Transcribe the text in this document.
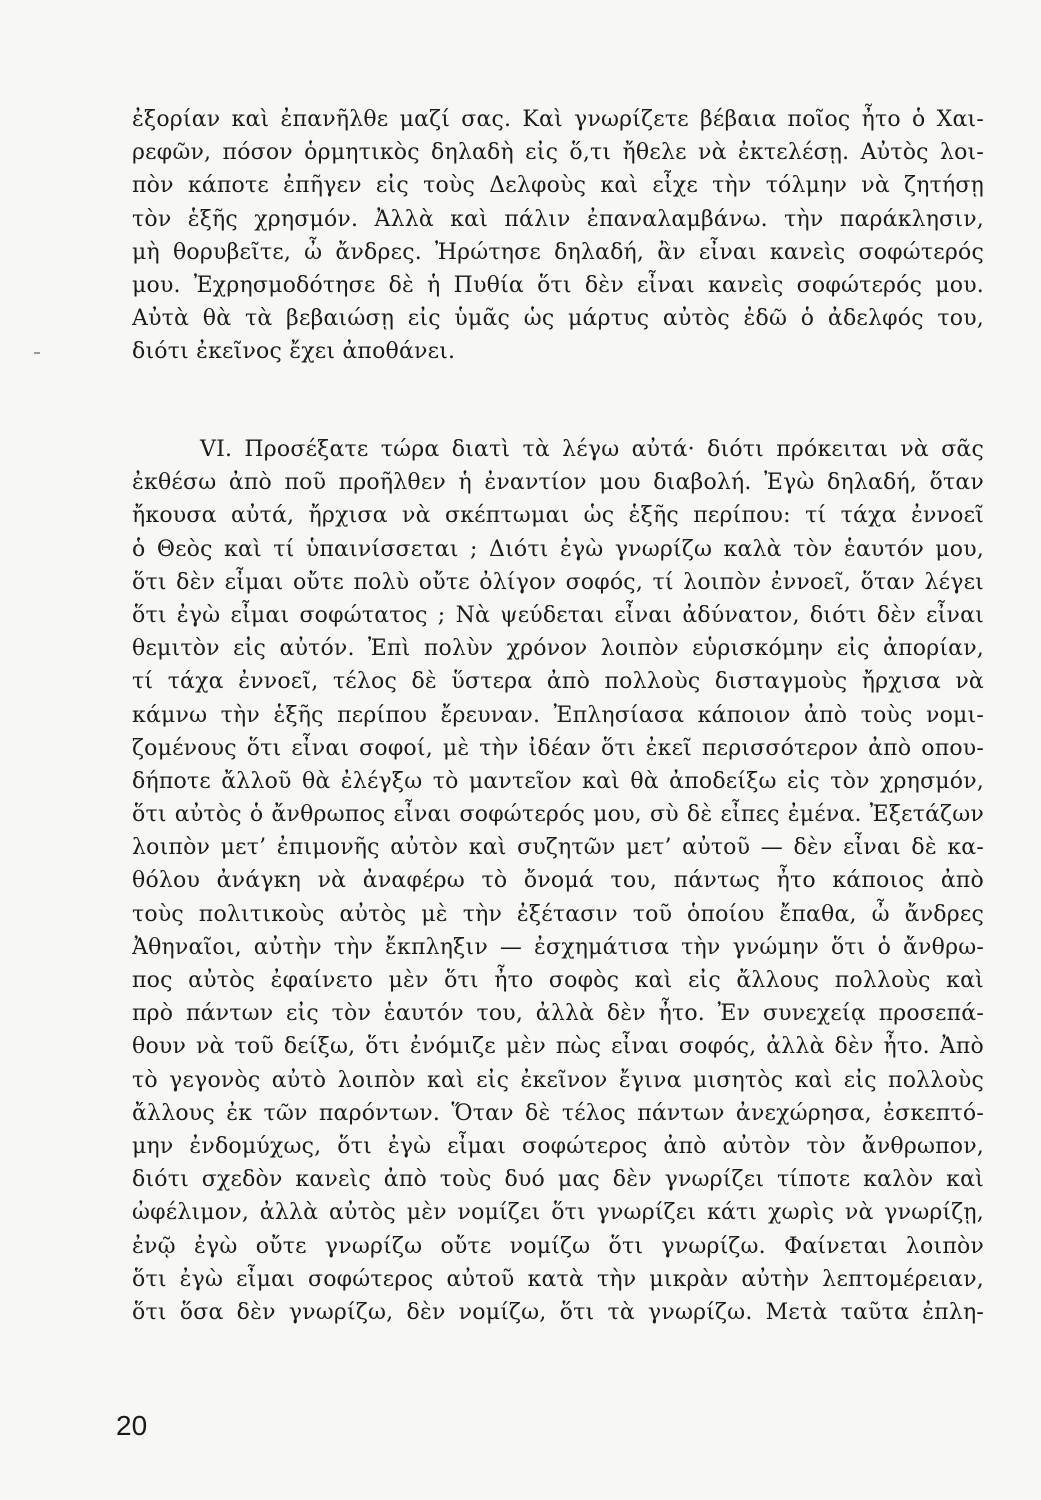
ἐξορίαν καὶ ἐπανῆλθε μαζί σας. Καὶ γνωρίζετε βέβαια ποῖος ἦτο ὁ Χαι-
ρεφῶν, πόσον ὁρμητικὸς δηλαδὴ εἰς ὅ,τι ἤθελε νὰ ἐκτελέσῃ. Αὐτὸς λοι-
πὸν κάποτε ἐπῆγεν εἰς τοὺς Δελφοὺς καὶ εἶχε τὴν τόλμην νὰ ζητήσῃ
τὸν ἑξῆς χρησμόν. Ἀλλὰ καὶ πάλιν ἐπαναλαμβάνω. τὴν παράκλησιν,
μὴ θορυβεῖτε, ὦ ἄνδρες. Ἠρώτησε δηλαδή, ἂν εἶναι κανεὶς σοφώτερός
μου. Ἐχρησμοδότησε δὲ ἡ Πυθία ὅτι δὲν εἶναι κανεὶς σοφώτερός μου.
Αὐτὰ θὰ τὰ βεβαιώσῃ εἰς ὑμᾶς ὡς μάρτυς αὐτὸς ἐδῶ ὁ ἀδελφός του,
διότι ἐκεῖνος ἔχει ἀποθάνει.
VI. Προσέξατε τώρα διατὶ τὰ λέγω αὐτά· διότι πρόκειται νὰ σᾶς
ἐκθέσω ἀπὸ ποῦ προῆλθεν ἡ ἐναντίον μου διαβολή. Ἐγὼ δηλαδή, ὅταν
ἤκουσα αὐτά, ἤρχισα νὰ σκέπτωμαι ὡς ἑξῆς περίπου: τί τάχα ἐννοεῖ
ὁ Θεὸς καὶ τί ὑπαινίσσεται ; Διότι ἐγὼ γνωρίζω καλὰ τὸν ἑαυτόν μου,
ὅτι δὲν εἶμαι οὔτε πολὺ οὔτε ὀλίγον σοφός, τί λοιπὸν ἐννοεῖ, ὅταν λέγει
ὅτι ἐγὼ εἶμαι σοφώτατος ; Νὰ ψεύδεται εἶναι ἀδύνατον, διότι δὲν εἶναι
θεμιτὸν εἰς αὐτόν. Ἐπὶ πολὺν χρόνον λοιπὸν εὑρισκόμην εἰς ἀπορίαν,
τί τάχα ἐννοεῖ, τέλος δὲ ὕστερα ἀπὸ πολλοὺς δισταγμοὺς ἤρχισα νὰ
κάμνω τὴν ἑξῆς περίπου ἔρευναν. Ἐπλησίασα κάποιον ἀπὸ τοὺς νομι-
ζομένους ὅτι εἶναι σοφοί, μὲ τὴν ἰδέαν ὅτι ἐκεῖ περισσότερον ἀπὸ οπου-
δήποτε ἄλλοῦ θὰ ἐλέγξω τὸ μαντεῖον καὶ θὰ ἀποδείξω εἰς τὸν χρησμόν,
ὅτι αὐτὸς ὁ ἄνθρωπος εἶναι σοφώτερός μου, σὺ δὲ εἶπες ἐμένα. Ἐξετάζων
λοιπὸν μετ’ ἐπιμονῆς αὐτὸν καὶ συζητῶν μετ’ αὐτοῦ — δὲν εἶναι δὲ κα-
θόλου ἀνάγκη νὰ ἀναφέρω τὸ ὄνομά του, πάντως ἦτο κάποιος ἀπὸ
τοὺς πολιτικοὺς αὐτὸς μὲ τὴν ἐξέτασιν τοῦ ὁποίου ἔπαθα, ὦ ἄνδρες
Ἀθηναῖοι, αὐτὴν τὴν ἔκπληξιν — ἐσχημάτισα τὴν γνώμην ὅτι ὁ ἄνθρω-
πος αὐτὸς ἐφαίνετο μὲν ὅτι ἦτο σοφὸς καὶ εἰς ἄλλους πολλοὺς καὶ
πρὸ πάντων εἰς τὸν ἑαυτόν του, ἀλλὰ δὲν ἦτο. Ἐν συνεχείᾳ προσεπά-
θουν νὰ τοῦ δείξω, ὅτι ἐνόμιζε μὲν πὼς εἶναι σοφός, ἀλλὰ δὲν ἦτο. Ἀπὸ
τὸ γεγονὸς αὐτὸ λοιπὸν καὶ εἰς ἐκεῖνον ἔγινα μισητὸς καὶ εἰς πολλοὺς
ἄλλους ἐκ τῶν παρόντων. Ὅταν δὲ τέλος πάντων ἀνεχώρησα, ἐσκεπτό-
μην ἐνδομύχως, ὅτι ἐγὼ εἶμαι σοφώτερος ἀπὸ αὐτὸν τὸν ἄνθρωπον,
διότι σχεδὸν κανεὶς ἀπὸ τοὺς δυό μας δὲν γνωρίζει τίποτε καλὸν καὶ
ὠφέλιμον, ἀλλὰ αὐτὸς μὲν νομίζει ὅτι γνωρίζει κάτι χωρὶς νὰ γνωρίζῃ,
ἐνῷ ἐγὼ οὔτε γνωρίζω οὔτε νομίζω ὅτι γνωρίζω. Φαίνεται λοιπὸν
ὅτι ἐγὼ εἶμαι σοφώτερος αὐτοῦ κατὰ τὴν μικρὰν αὐτὴν λεπτομέρειαν,
ὅτι ὅσα δὲν γνωρίζω, δὲν νομίζω, ὅτι τὰ γνωρίζω. Μετὰ ταῦτα ἐπλη-
20
